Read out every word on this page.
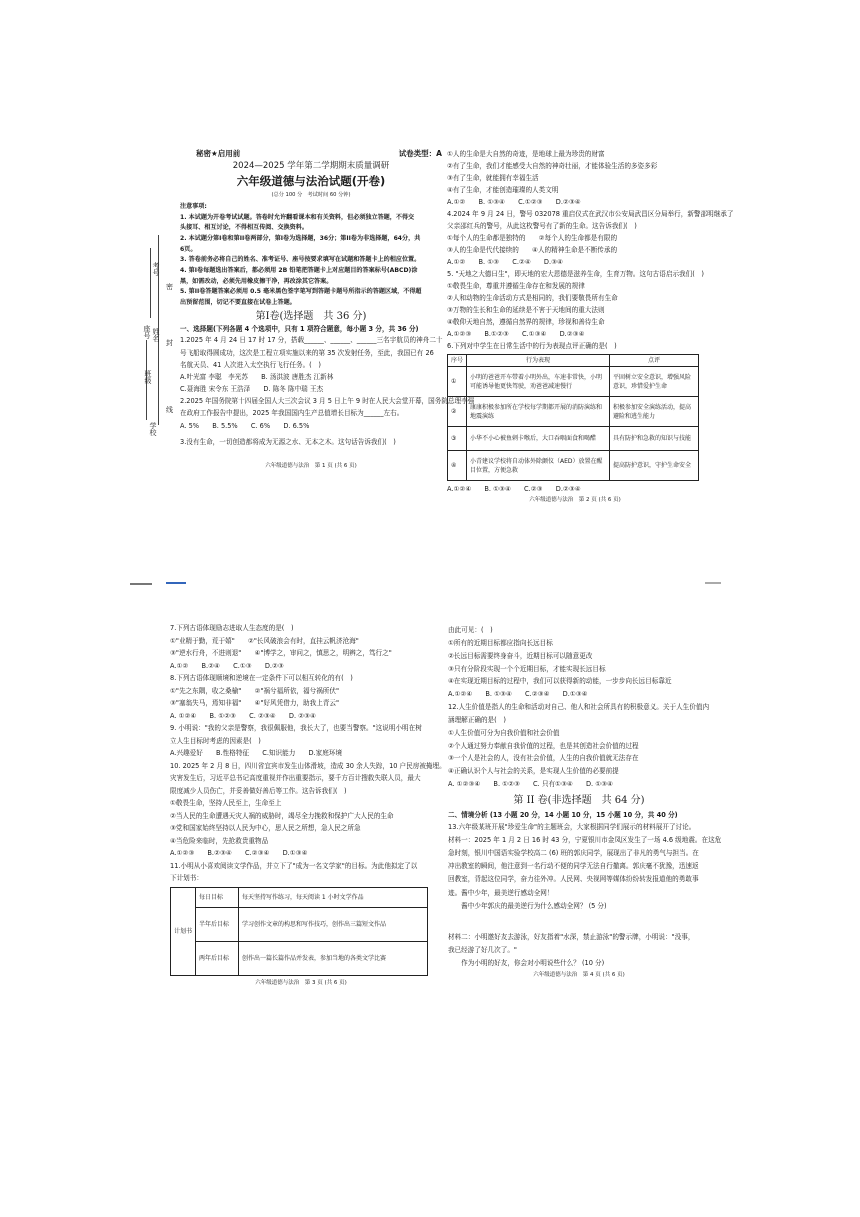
秘密★启用前	试卷类型：A

2024—2025 学年第二学期期末质量调研

六年级道德与法治试题(开卷)

(总分 100 分　考试时间 60 分钟)

注意事项:

1. 本试题为开卷考试试题。答卷时允许翻看课本和有关资料，但必须独立答题，不得交

头接耳、相互讨论，不得相互传阅、交换资料。

2. 本试题分第I卷和第II卷两部分，第I卷为选择题，36分；第II卷为非选择题，64分，共

6页。

3. 答卷前务必将自己的姓名、准考证号、座号按要求填写在试题和答题卡上的相应位置。

4. 第I卷每题选出答案后，都必须用 2B 铅笔把答题卡上对应题目的答案标号(ABCD)涂

黑，如需改动，必须先用橡皮擦干净，再改涂其它答案。

5. 第II卷答题答案必须用 0.5 毫米黑色签字笔写到答题卡题号所指示的答题区域，不得超

出预留范围，切记不要直接在试卷上答题。

第Ⅰ卷(选择题　共 36 分)

一、选择题(下列各题 4 个选项中，只有 1 项符合题意，每小题 3 分，共 36 分)

1.2025 年 4 月 24 日 17 时 17 分，搭载______、______、______三名宇航员的神舟二十

号飞船取得圆成功，这次是工程立项实施以来的第 35 次发射任务，至此，我国已有 26

名航天员、41 人次进入太空执行飞行任务。(　)

A.叶光富 李聪　李光苏　　B. 汤洪波 唐胜杰 江新林

C.聂海胜 宋令东 王浩泽　　D. 陈冬 陈中瑞 王杰

2.2025 年国务院第十四届全国人大三次会议 3 月 5 日上午 9 时在人民大会堂开幕，国务院总理李强

在政府工作报告中提出，2025 年我国国内生产总值增长目标为______左右。

A. 5%　　B. 5.5%　　C. 6%　　D. 6.5%

3.没有生命，一切创造都将成为无源之水、无本之木。这句话告诉我们(　)

六年级道德与法治　第 1 页 (共 6 页)

考号
座号 姓名
班级
学校
密
封
线

①人的生命是大自然的奇迹，是地球上最为珍贵的财富

②有了生命，我们才能感受大自然的神奇壮丽，才能体验生活的多姿多彩

③有了生命，就能拥有幸福生活

④有了生命，才能创造璀璨的人类文明

A.①②　　B. ①③④　　C.①②③　　D.②③④

4.2024 年 9 月 24 日，警号 032078 重启仪式在武汉市公安局武昌区分局举行，新警邵明继承了

父亲邵红兵的警号，从此这枚警号有了新的生命。这告诉我们(　)

①每个人的生命都是独特的　　②每个人的生命都是有限的

③人的生命是代代接续的　　④人的精神生命是不断传承的

A.①②　　B. ①③　　C.②④　　D.③④

5. "天地之大德曰生"，即天地的宏大恩德是滋养生命，生育万物。这句古语启示我们(　)

①敬畏生命，尊重并遵循生命存在和发展的规律

②人和动物的生命活动方式是相同的，我们要敬畏所有生命

③万物的生长和生命的延续是不害于天地间的重大法则

④敬仰天地自然，遵循自然界的规律，珍视和善待生命

A.①②③　　B.①②③　　C.①③④　　D.②③④

6.下列对中学生在日常生活中的行为表现点评正确的是(　)

序号	行为表现	点评
①	小明的爸爸开车带着小明外出，车速非常快，小明可能诱导他更快驾驶，劝爸爸减速慢行	平固树立安全意识，增强风险意识，珍惜爱护生命
②	康康积极参加所在学校每学期都开展的消防演练和地震演练	积极参加安全演练活动，提高避险和逃生能力
③	小华不小心被鱼刺卡喉后，大口吞咽面食和喝醋	具有防护和急救的知识与技能
④	小青建议学校将自动体外除颤仪（AED）放置在醒目位置，方便急救	提高防护意识，守护生命安全

A.①②④　　B. ①③④　　C.②③　　D.②③④

六年级道德与法治　第 2 页 (共 6 页)

7.下列古语体现励志进取人生态度的是(　)

①"业精于勤，荒于嬉"　　②"长风破浪会有时，直挂云帆济沧海"

③"逆水行舟，不进则退"　　④"博学之，审问之，慎思之，明辨之，笃行之"

A.①②　　B.②④　　C.①③　　D.②③

8.下列古语体现顺境和逆境在一定条件下可以相互转化的有(　)

①"先之东隅，收之桑榆"　　②"祸兮福所依，福兮祸所伏"

③"塞翁失马，焉知非福"　　④"好风凭借力，助我上青云"

A. ①②④　　B. ①②③　　C. ②③④　　D. ②③④

9. 小明说："我的父亲是警察，我很佩服他，我长大了，也要当警察。"这说明小明在树

立人生目标时考虑的因素是(　)

A.兴趣爱好　　B.性格特征　　C.知识能力　　D.家庭环境

10. 2025 年 2 月 8 日，四川省宜宾市发生山体滑坡，造成 30 余人失踪，10 户民房被掩埋。

灾害发生后，习近平总书记高度重视并作出重要指示，要千方百计搜救失联人员，最大

限度减少人员伤亡，并妥善做好善后等工作。这告诉我们(　)

①敬畏生命，坚持人民至上，生命至上

②当人民的生命遭遇天灾人祸的威胁时，竭尽全力挽救和保护广大人民的生命

③党和国家始终坚持以人民为中心，思人民之所想，急人民之所急

④当危险来临时，先抢救贵重物品

A.①②③　　B.②③④　　C.②③④　　D.①③④

11.小明从小喜欢阅读文学作品，并立下了"成为一名文学家"的目标。为此他拟定了以

下计划书：

计划书	每日目标	每天坚持写作练习，每天阅读 1 小时文学作品
	半年后目标	学习创作文章的构思和写作技巧，创作出三篇短文作品
	两年后目标	创作出一篇长篇作品并发表，参加当地的各类文学比赛

六年级道德与法治　第 3 页 (共 6 页)

由此可见：(　)

①所有的近期目标都应指向长远目标

②长远目标需要终身奋斗，近期目标可以随意更改

③只有分阶段实现一个个近期目标，才能实现长远目标

④在实现近期目标的过程中，我们可以获得新的动能，一步步向长远目标靠近

A.①②④　　B. ①③④　　C.②③④　　D.①③④

12.人生价值是指人的生命和活动对自己、他人和社会所具有的积极意义。关于人生价值内

涵理解正确的是(　)

①人生价值可分为自我价值和社会价值

②个人通过努力奉献自我价值的过程，也是其创造社会价值的过程

③一个人是社会的人，没有社会价值，人生的自我价值就无法存在

④正确认识个人与社会的关系，是实现人生价值的必要前提

A. ①②③④　　B. ①②③　　C. 只有①③④　　D. ①③④

第 II 卷(非选择题　共 64 分)

二、情境分析 (13 小题 20 分，14 小题 10 分，15 小题 10 分，共 40 分)

13.六年级某班开展"珍爱生命"的主题班会，大家根据同学们展示的材料展开了讨论。

材料一：2025 年 1 月 2 日 16 时 43 分，宁夏银川市金凤区发生了一场 4.6 级地震。在这危

急时刻，银川中国语实验学校高二 (6) 班的郭庆同学，展现出了非凡的勇气与担当。在

冲出教室的瞬间，他注意到一名行动不便的同学无法自行撤离。郭庆毫不犹豫，迅速返

回教室，背起这位同学，奋力往外冲。人民网、央视网等媒体纷纷转发报道他的勇敢事

迹。酱中少年，最美逆行感动全网！

　　酱中少年郭庆的最美逆行为什么感动全网？ (5 分)

材料二：小明邀好友去游泳，好友指着"水深，禁止游泳"的警示牌，小明说："没事，

我已经游了好几次了。"

　　作为小明的好友，你会对小明说些什么？ (10 分)

六年级道德与法治　第 4 页 (共 6 页)
